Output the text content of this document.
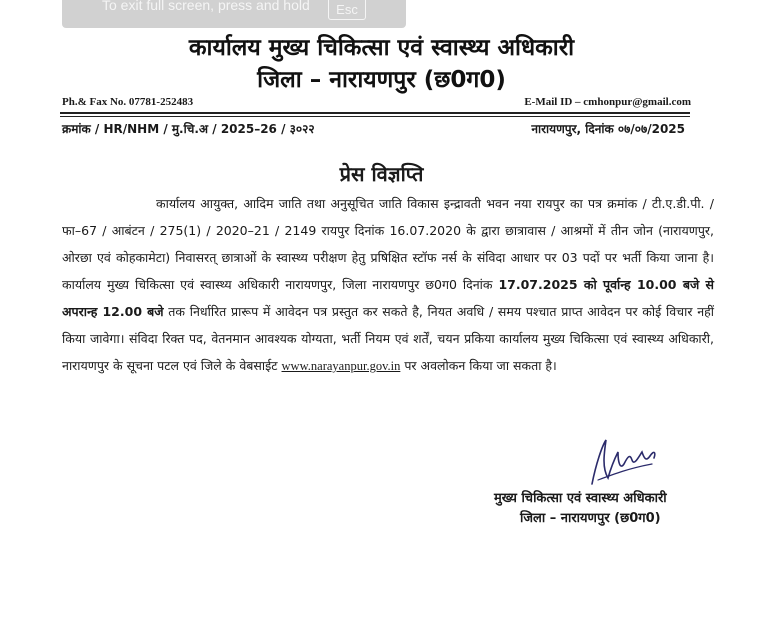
To exit full screen, press and hold	Esc
कार्यालय मुख्य चिकित्सा एवं स्वास्थ्य अधिकारी
जिला – नारायणपुर (छ0ग0)
Ph.& Fax No. 07781-252483	E-Mail ID – cmhonpur@gmail.com
क्रमांक / HR/NHM / मु.चि.अ / 2025–26 / ३०२२	नारायणपुर, दिनांक ०७/०७/2025
प्रेस विज्ञप्ति

कार्यालय आयुक्त, आदिम जाति तथा अनुसूचित जाति विकास इन्द्रावती भवन नया रायपुर का पत्र क्रमांक / टी.ए.डी.पी. / फा–67 / आबंटन / 275(1) / 2020–21 / 2149 रायपुर दिनांक 16.07.2020 के द्वारा छात्रावास / आश्रमों में तीन जोन (नारायणपुर, ओरछा एवं कोहकामेटा) निवासरत् छात्राओं के स्वास्थ्य परीक्षण हेतु प्रषिक्षित स्टॉफ नर्स के संविदा आधार पर 03 पदों पर भर्ती किया जाना है। कार्यालय मुख्य चिकित्सा एवं स्वास्थ्य अधिकारी नारायणपुर, जिला नारायणपुर छ0ग0 दिनांक 17.07.2025 को पूर्वान्ह 10.00 बजे से अपरान्ह 12.00 बजे तक निर्धारित प्रारूप में आवेदन पत्र प्रस्तुत कर सकते है, नियत अवधि / समय पश्चात प्राप्त आवेदन पर कोई विचार नहीं किया जावेगा। संविदा रिक्त पद, वेतनमान आवश्यक योग्यता, भर्ती नियम एवं शर्तें, चयन प्रकिया कार्यालय मुख्य चिकित्सा एवं स्वास्थ्य अधिकारी, नारायणपुर के सूचना पटल एवं जिले के वेबसाईट www.narayanpur.gov.in पर अवलोकन किया जा सकता है।

मुख्य चिकित्सा एवं स्वास्थ्य अधिकारी
जिला – नारायणपुर (छ0ग0)
